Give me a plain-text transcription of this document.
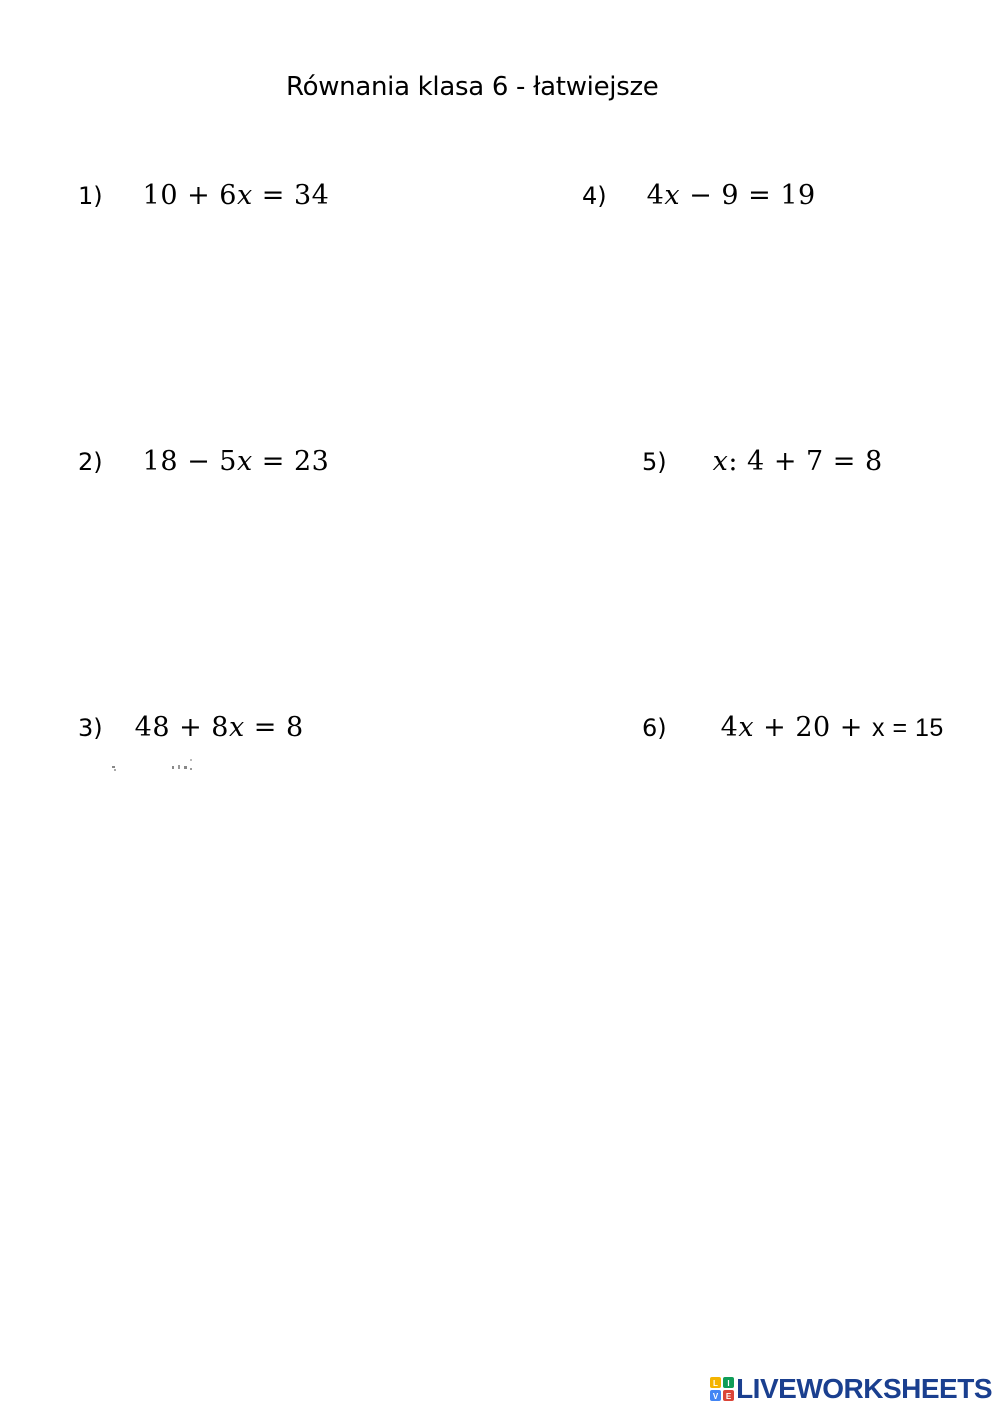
Równania klasa 6 - łatwiejsze
1) 10 + 6x = 34	4) 4x − 9 = 19
2) 18 − 5x = 23	5) x: 4 + 7 = 8
3) 48 + 8x = 8	6) 4x + 20 + x = 15
L I
V E LIVEWORKSHEETS
